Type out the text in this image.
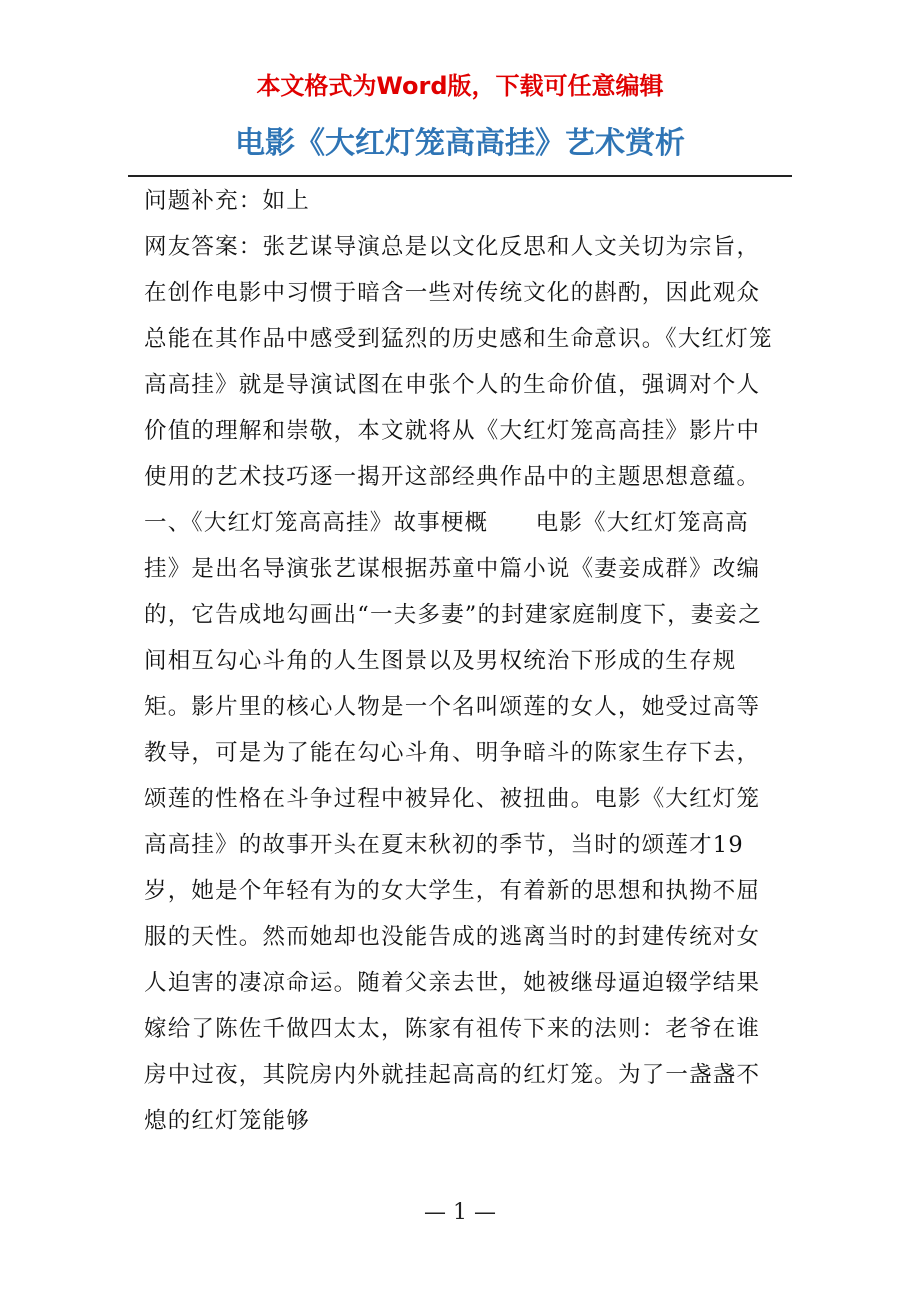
本文格式为Word版，下载可任意编辑
电影《大红灯笼高高挂》艺术赏析

问题补充：如上

网友答案：张艺谋导演总是以文化反思和人文关切为宗旨，在创作电影中习惯于暗含一些对传统文化的斟酌，因此观众总能在其作品中感受到猛烈的历史感和生命意识。《大红灯笼高高挂》就是导演试图在申张个人的生命价值，强调对个人价值的理解和崇敬，本文就将从《大红灯笼高高挂》影片中使用的艺术技巧逐一揭开这部经典作品中的主题思想意蕴。　　一、《大红灯笼高高挂》故事梗概　　电影《大红灯笼高高挂》是出名导演张艺谋根据苏童中篇小说《妻妾成群》改编的，它告成地勾画出“一夫多妻”的封建家庭制度下，妻妾之间相互勾心斗角的人生图景以及男权统治下形成的生存规矩。影片里的核心人物是一个名叫颂莲的女人，她受过高等教导，可是为了能在勾心斗角、明争暗斗的陈家生存下去，颂莲的性格在斗争过程中被异化、被扭曲。电影《大红灯笼高高挂》的故事开头在夏末秋初的季节，当时的颂莲才19岁，她是个年轻有为的女大学生，有着新的思想和执拗不屈服的天性。然而她却也没能告成的逃离当时的封建传统对女人迫害的凄凉命运。随着父亲去世，她被继母逼迫辍学结果嫁给了陈佐千做四太太，陈家有祖传下来的法则：老爷在谁房中过夜，其院房内外就挂起高高的红灯笼。为了一盏盏不熄的红灯笼能够

— 1 —
